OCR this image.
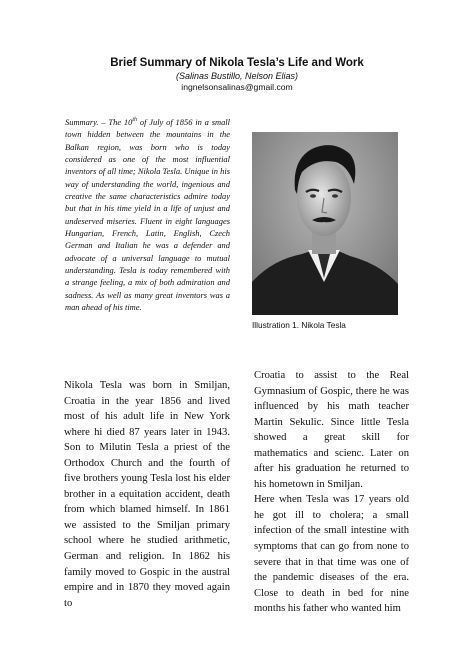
Brief Summary of Nikola Tesla’s Life and Work
(Salinas Bustillo, Nelson Elias)
ingnelsonsalinas@gmail.com
Summary. – The 10th of July of 1856 in a small town hidden between the mountains in the Balkan region, was born who is today considered as one of the most influential inventors of all time; Nikola Tesla. Unique in his way of understanding the world, ingenious and creative the same characteristics admire today but that in his time yield in a life of unjust and undeserved miseries. Fluent in eight languages Hungarian, French, Latin, English, Czech German and Italian he was a defender and advocate of a universal language to mutual understanding. Tesla is today remembered with a strange feeling, a mix of both admiration and sadness. As well as many great inventors was a man ahead of his time.
Illustration 1. Nikola Tesla

Nikola Tesla was born in Smiljan, Croatia in the year 1856 and lived most of his adult life in New York where hi died 87 years later in 1943. Son to Milutin Tesla a priest of the Orthodox Church and the fourth of five brothers young Tesla lost his elder brother in a equitation accident, death from which blamed himself. In 1861 we assisted to the Smiljan primary school where he studied arithmetic, German and religion. In 1862 his family moved to Gospic in the austral empire and in 1870 they moved again to

Croatia to assist to the Real Gymnasium of Gospic, there he was influenced by his math teacher Martin Sekulic. Since little Tesla showed a great skill for mathematics and scienc. Later on after his graduation he returned to his hometown in Smiljan.

Here when Tesla was 17 years old he got ill to cholera; a small infection of the small intestine with symptoms that can go from none to severe that in that time was one of the pandemic diseases of the era. Close to death in bed for nine months his father who wanted him
